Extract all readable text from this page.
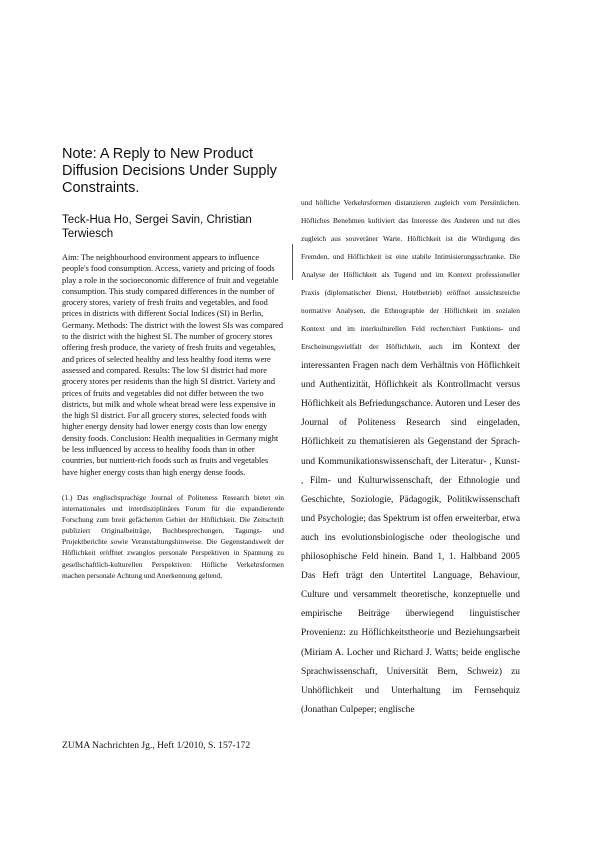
Note: A Reply to New Product Diffusion Decisions Under Supply Constraints.

Teck-Hua Ho, Sergei Savin, Christian Terwiesch

Aim: The neighbourhood environment appears to influence people's food consumption. Access, variety and pricing of foods play a role in the socioeconomic difference of fruit and vegetable consumption. This study compared differences in the number of grocery stores, variety of fresh fruits and vegetables, and food prices in districts with different Social Indices (SI) in Berlin, Germany. Methods: The district with the lowest SIs was compared to the district with the highest SI. The number of grocery stores offering fresh produce, the variety of fresh fruits and vegetables, and prices of selected healthy and less healthy food items were assessed and compared. Results: The low SI district had more grocery stores per residents than the high SI district. Variety and prices of fruits and vegetables did not differ between the two districts, but milk and whole wheat bread were less expensive in the high SI district. For all grocery stores, selected foods with higher energy density had lower energy costs than low energy density foods. Conclusion: Health inequalities in Germany might be less influenced by access to healthy foods than in other countries, but nutrient-rich foods such as fruits and vegetables have higher energy costs than high energy dense foods.

(1.) Das englischsprachige Journal of Politeness Research bietet ein internationales und interdisziplinäres Forum für die expandierende Forschung zum breit gefächerten Gebiet der Höflichkeit. Die Zeitschrift publiziert Originalbeiträge, Buchbesprechungen, Tagungs- und Projektberichte sowie Veranstaltungshinweise. Die Gegenstandswelt der Höflichkeit eröffnet zwanglos personale Perspektiven in Spannung zu gesellschaftlich-kulturellen Perspektiven: Höfliche Verkehrsformen machen personale Achtung und Anerkennung geltend,

ZUMA Nachrichten Jg., Heft 1/2010, S. 157-172

und höfliche Verkehrsformen distanzieren zugleich vom Persönlichen. Höfliches Benehmen kultiviert das Interesse des Anderen und tut dies zugleich aus souveräner Warte. Höflichkeit ist die Würdigung des Fremden, und Höflichkeit ist eine stabile Intimisierungsschranke. Die Analyse der Höflichkeit als Tugend und im Kontext professioneller Praxis (diplomatischer Dienst, Hotelbetrieb) eröffnet aussichtsreiche normative Analysen, die Ethnographie der Höflichkeit im sozialen Kontext und im interkulturellen Feld recherchiert Funktions- und Erscheinungsvielfalt der Höflichkeit, auch im Kontext der interessanten Fragen nach dem Verhältnis von Höflichkeit und Authentizität, Höflichkeit als Kontrollmacht versus Höflichkeit als Befriedungschance. Autoren und Leser des Journal of Politeness Research sind eingeladen, Höflichkeit zu thematisieren als Gegenstand der Sprach- und Kommunikationswissenschaft, der Literatur- , Kunst- , Film- und Kulturwissenschaft, der Ethnologie und Geschichte, Soziologie, Pädagogik, Politikwissenschaft und Psychologie; das Spektrum ist offen erweiterbar, etwa auch ins evolutionsbiologische oder theologische und philosophische Feld hinein. Band 1, 1. Halbband 2005 Das Heft trägt den Untertitel Language, Behaviour, Culture und versammelt theoretische, konzeptuelle und empirische Beiträge überwiegend linguistischer Provenienz: zu Höflichkeitstheorie und Beziehungsarbeit (Miriam A. Locher und Richard J. Watts; beide englische Sprachwissenschaft, Universität Bern, Schweiz) zu Unhöflichkeit und Unterhaltung im Fernsehquiz (Jonathan Culpeper; englische
